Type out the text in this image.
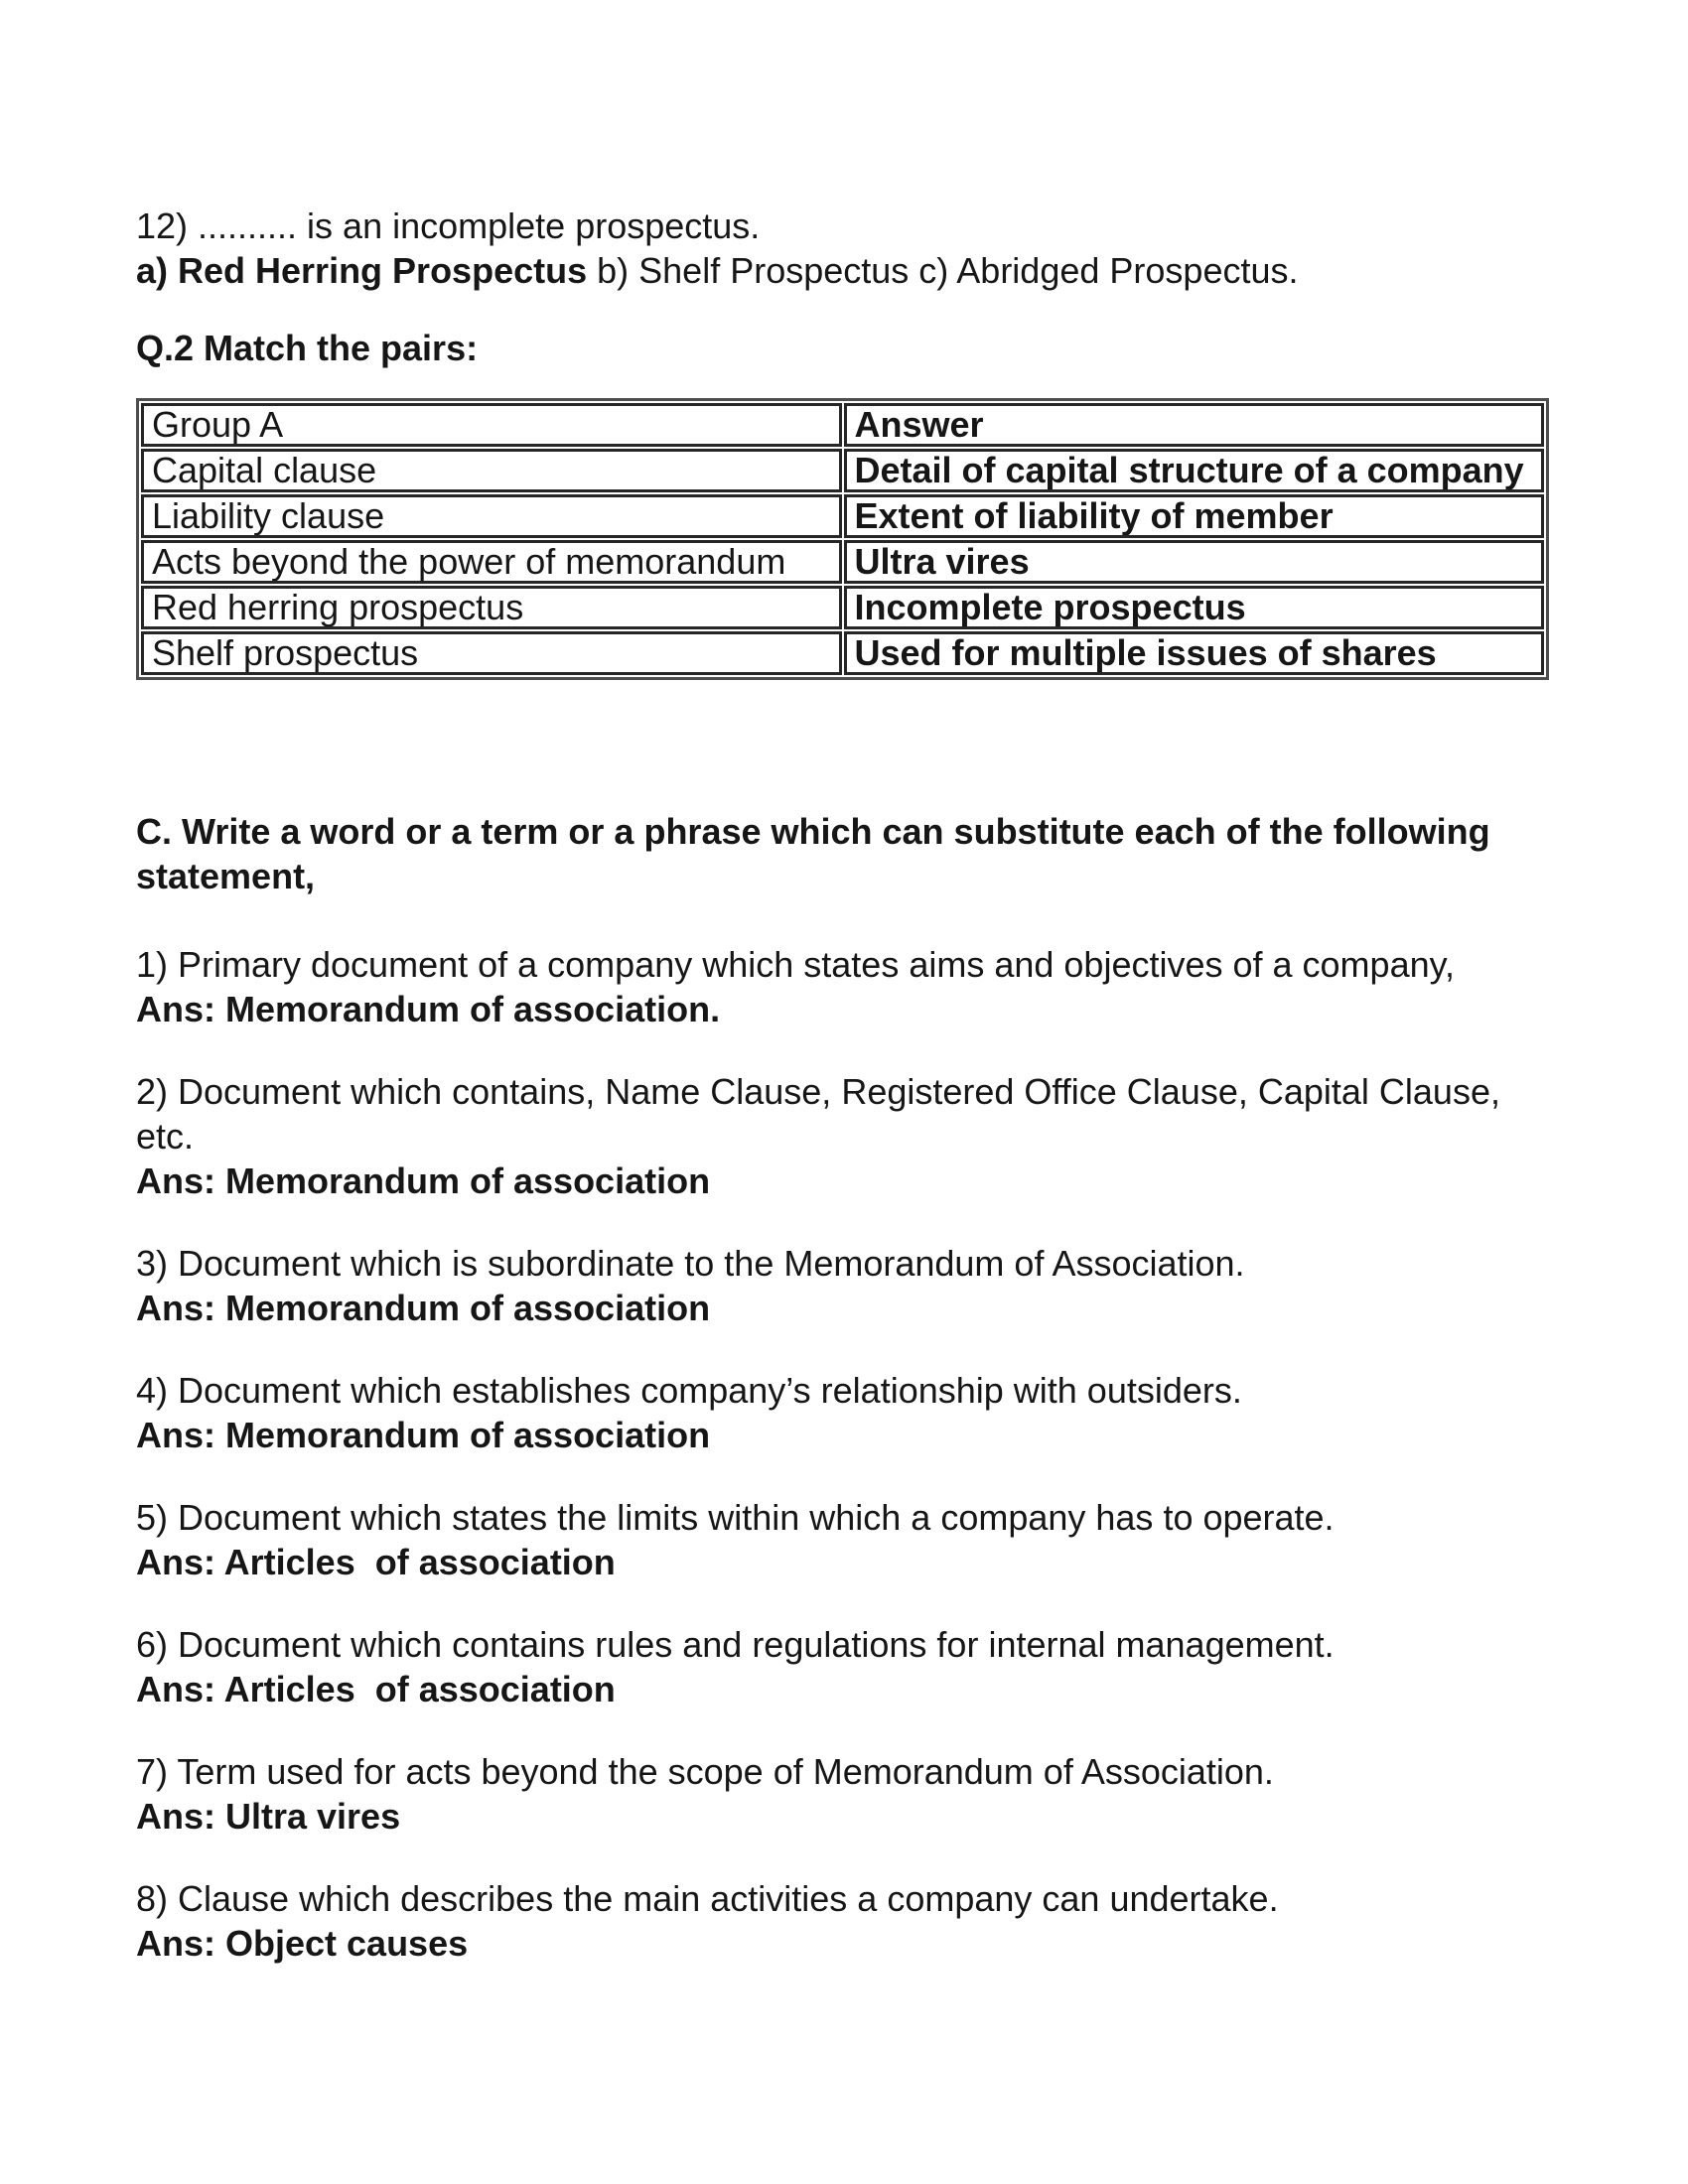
12) .......... is an incomplete prospectus.
a) Red Herring Prospectus b) Shelf Prospectus c) Abridged Prospectus.
Q.2 Match the pairs:
Group A	Answer
Capital clause	Detail of capital structure of a company
Liability clause	Extent of liability of member
Acts beyond the power of memorandum	Ultra vires
Red herring prospectus	Incomplete prospectus
Shelf prospectus	Used for multiple issues of shares
C. Write a word or a term or a phrase which can substitute each of the following statement,
1) Primary document of a company which states aims and objectives of a company,
Ans: Memorandum of association.
2) Document which contains, Name Clause, Registered Office Clause, Capital Clause, etc.
Ans: Memorandum of association
3) Document which is subordinate to the Memorandum of Association.
Ans: Memorandum of association
4) Document which establishes company’s relationship with outsiders.
Ans: Memorandum of association
5) Document which states the limits within which a company has to operate.
Ans: Articles  of association
6) Document which contains rules and regulations for internal management.
Ans: Articles  of association
7) Term used for acts beyond the scope of Memorandum of Association.
Ans: Ultra vires
8) Clause which describes the main activities a company can undertake.
Ans: Object causes
